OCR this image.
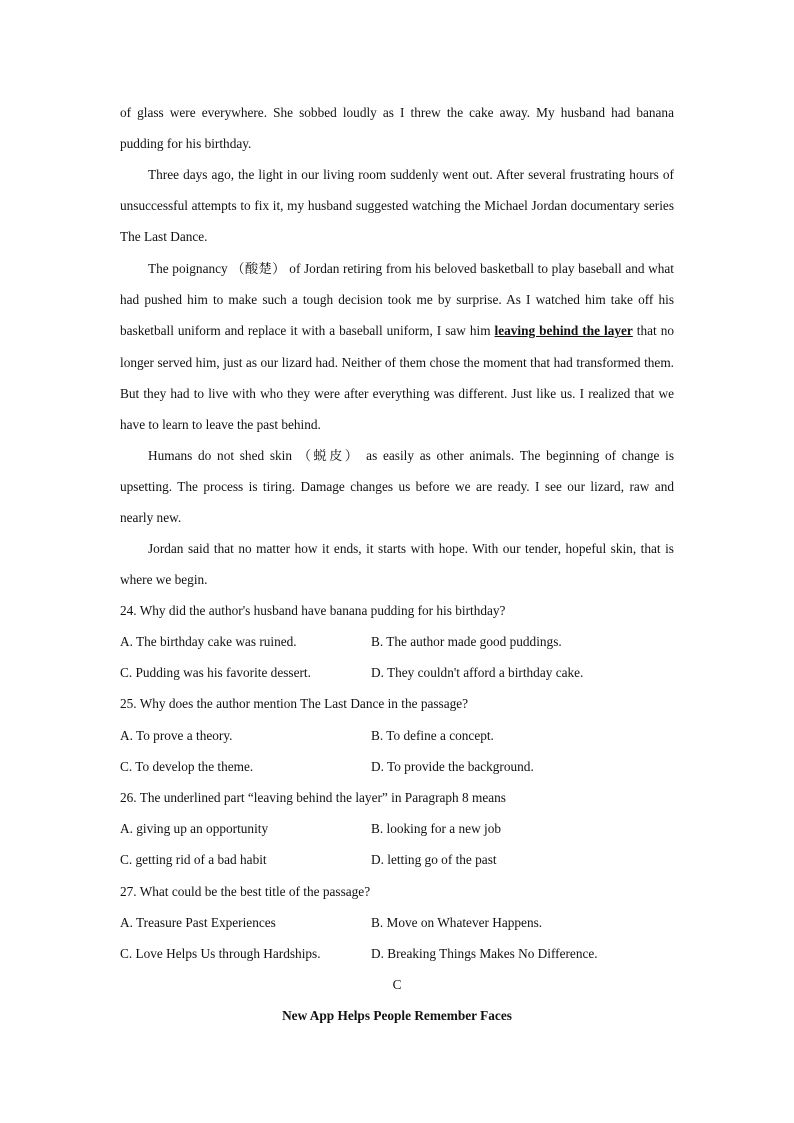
of glass were everywhere. She sobbed loudly as I threw the cake away. My husband had banana pudding for his birthday.

Three days ago, the light in our living room suddenly went out. After several frustrating hours of unsuccessful attempts to fix it, my husband suggested watching the Michael Jordan documentary series The Last Dance.

The poignancy （酸楚） of Jordan retiring from his beloved basketball to play baseball and what had pushed him to make such a tough decision took me by surprise. As I watched him take off his basketball uniform and replace it with a baseball uniform, I saw him leaving behind the layer that no longer served him, just as our lizard had. Neither of them chose the moment that had transformed them. But they had to live with who they were after everything was different. Just like us. I realized that we have to learn to leave the past behind.

Humans do not shed skin （蜕皮） as easily as other animals. The beginning of change is upsetting. The process is tiring. Damage changes us before we are ready. I see our lizard, raw and nearly new.

Jordan said that no matter how it ends, it starts with hope. With our tender, hopeful skin, that is where we begin.

24. Why did the author's husband have banana pudding for his birthday?
A. The birthday cake was ruined.	B. The author made good puddings.
C. Pudding was his favorite dessert.	D. They couldn't afford a birthday cake.
25. Why does the author mention The Last Dance in the passage?
A. To prove a theory.	B. To define a concept.
C. To develop the theme.	D. To provide the background.
26. The underlined part “leaving behind the layer” in Paragraph 8 means
A. giving up an opportunity	B. looking for a new job
C. getting rid of a bad habit	D. letting go of the past
27. What could be the best title of the passage?
A. Treasure Past Experiences	B. Move on Whatever Happens.
C. Love Helps Us through Hardships.	D. Breaking Things Makes No Difference.
C
New App Helps People Remember Faces
